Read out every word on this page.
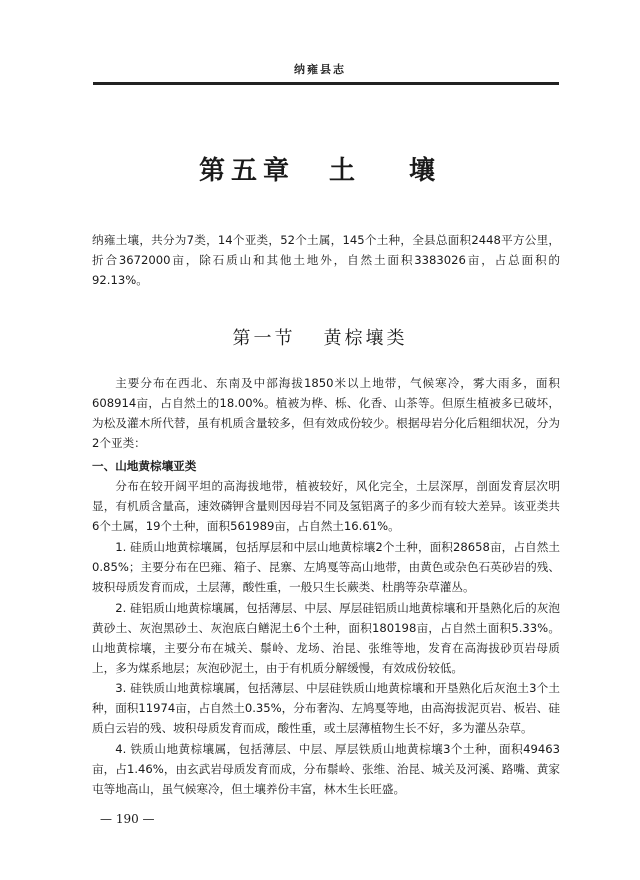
纳雍县志
第五章 土 壤
纳雍土壤，共分为7类，14个亚类，52个土属，145个土种，全县总面积2448平方公里，折合3672000亩，除石质山和其他土地外，自然土面积3383026亩，占总面积的92.13%。
第一节 黄棕壤类
主要分布在西北、东南及中部海拔1850米以上地带，气候寒冷，雾大雨多，面积608914亩，占自然土的18.00%。植被为桦、栎、化香、山茶等。但原生植被多已破坏，为松及灌木所代替，虽有机质含量较多，但有效成份较少。根据母岩分化后粗细状况，分为2个亚类：
一、山地黄棕壤亚类
分布在较开阔平坦的高海拔地带，植被较好，风化完全，土层深厚，剖面发育层次明显，有机质含量高，速效磷钾含量则因母岩不同及氢铝离子的多少而有较大差异。该亚类共6个土属，19个土种，面积561989亩，占自然土16.61%。
1. 硅质山地黄棕壤属，包括厚层和中层山地黄棕壤2个土种，面积28658亩，占自然土0.85%；主要分布在巴雍、箱子、昆寨、左鸠戛等高山地带，由黄色或杂色石英砂岩的残、坡积母质发育而成，土层薄，酸性重，一般只生长蕨类、杜鹃等杂草灌丛。
2. 硅铝质山地黄棕壤属，包括薄层、中层、厚层硅铝质山地黄棕壤和开垦熟化后的灰泡黄砂土、灰泡黑砂土、灰泡底白鳝泥土6个土种，面积180198亩，占自然土面积5.33%。山地黄棕壤，主要分布在城关、鬃岭、龙场、治昆、张维等地，发育在高海拔砂页岩母质上，多为煤系地层；灰泡砂泥土，由于有机质分解缓慢，有效成份较低。
3. 硅铁质山地黄棕壤属，包括薄层、中层硅铁质山地黄棕壤和开垦熟化后灰泡土3个土种，面积11974亩，占自然土0.35%，分布奢沟、左鸠戛等地，由高海拔泥页岩、板岩、硅质白云岩的残、坡积母质发育而成，酸性重，或土层薄植物生长不好，多为灌丛杂草。
4. 铁质山地黄棕壤属，包括薄层、中层、厚层铁质山地黄棕壤3个土种，面积49463亩，占1.46%，由玄武岩母质发育而成，分布鬃岭、张维、治昆、城关及河溪、路嘴、黄家屯等地高山，虽气候寒冷，但土壤养份丰富，林木生长旺盛。
— 190 —
